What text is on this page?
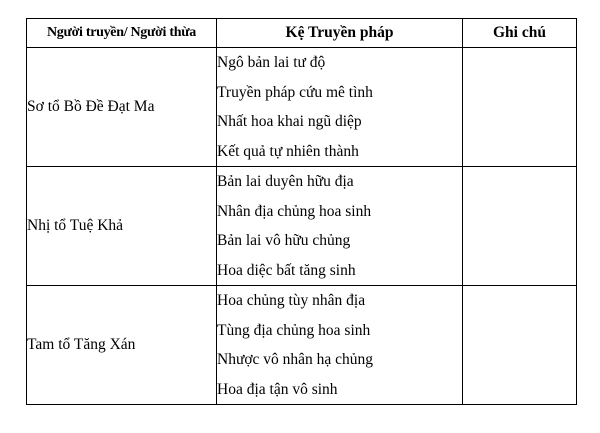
Người truyền/ Người thừa	Kệ Truyền pháp	Ghi chú
Sơ tổ Bồ Đề Đạt Ma	Ngô bản lai tư độ
Truyền pháp cứu mê tình
Nhất hoa khai ngũ diệp
Kết quả tự nhiên thành	

Nhị tổ Tuệ Khả	Bản lai duyên hữu địa
Nhân địa chủng hoa sinh
Bản lai vô hữu chủng
Hoa diệc bất tăng sinh	

Tam tổ Tăng Xán	Hoa chủng tùy nhân địa
Tùng địa chủng hoa sinh
Nhược vô nhân hạ chủng
Hoa địa tận vô sinh	
